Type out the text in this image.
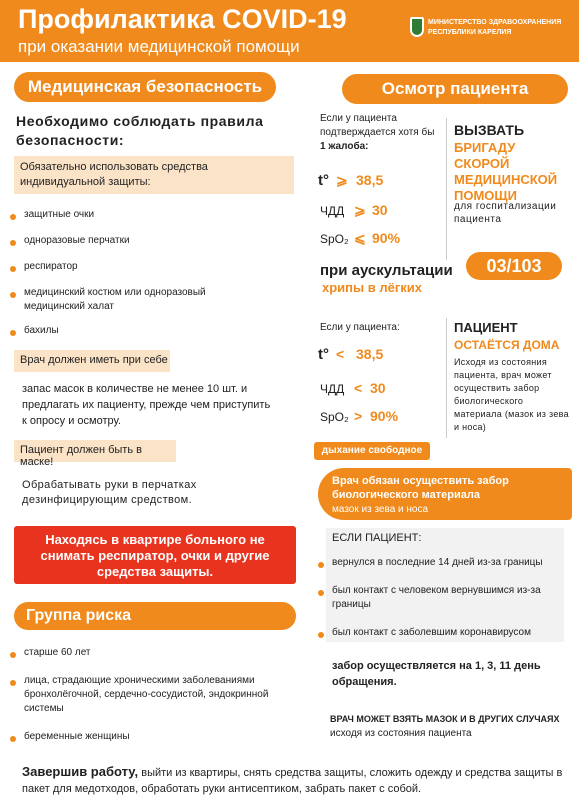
Профилактика COVID-19
при оказании медицинской помощи
МИНИСТЕРСТВО ЗДРАВООХРАНЕНИЯ
РЕСПУБЛИКИ КАРЕЛИЯ
Медицинская безопасность
Необходимо соблюдать правила безопасности:
Обязательно использовать средства индивидуальной защиты:
защитные очки
одноразовые перчатки
респиратор
медицинский костюм или одноразовый медицинский халат
бахилы
Врач должен иметь при себе
запас масок в количестве не менее 10 шт. и предлагать их пациенту, прежде чем приступить к опросу и осмотру.
Пациент должен быть в маске!
Обрабатывать руки в перчатках дезинфицирующим средством.
Находясь в квартире больного не снимать респиратор, очки и другие средства защиты.
Группа риска
старше 60 лет
лица, страдающие хроническими заболеваниями бронхолёгочной, сердечно-сосудистой, эндокринной системы
беременные женщины
Осмотр пациента
Если у пациента подтверждается хотя бы 1 жалоба:
t° ⩾ 38,5
ЧДД ⩾ 30
SpO₂ ⩽ 90%
при аускультации
хрипы в лёгких
ВЫЗВАТЬ
БРИГАДУ СКОРОЙ МЕДИЦИНСКОЙ ПОМОЩИ
для госпитализации пациента
03/103
Если у пациента:
t° < 38,5
ЧДД < 30
SpO₂ > 90%
дыхание свободное
ПАЦИЕНТ
ОСТАЁТСЯ ДОМА
Исходя из состояния пациента, врач может осуществить забор биологического материала (мазок из зева и носа)
Врач обязан осуществить забор биологического материала
мазок из зева и носа
ЕСЛИ ПАЦИЕНТ:
вернулся в последние 14 дней из-за границы
был контакт с человеком вернувшимся из-за границы
был контакт с заболевшим коронавирусом
забор осуществляется на 1, 3, 11 день обращения.
ВРАЧ МОЖЕТ ВЗЯТЬ МАЗОК И В ДРУГИХ СЛУЧАЯХ
исходя из состояния пациента
Завершив работу, выйти из квартиры, снять средства защиты, сложить одежду и средства защиты в пакет для медотходов, обработать руки антисептиком, забрать пакет с собой.
